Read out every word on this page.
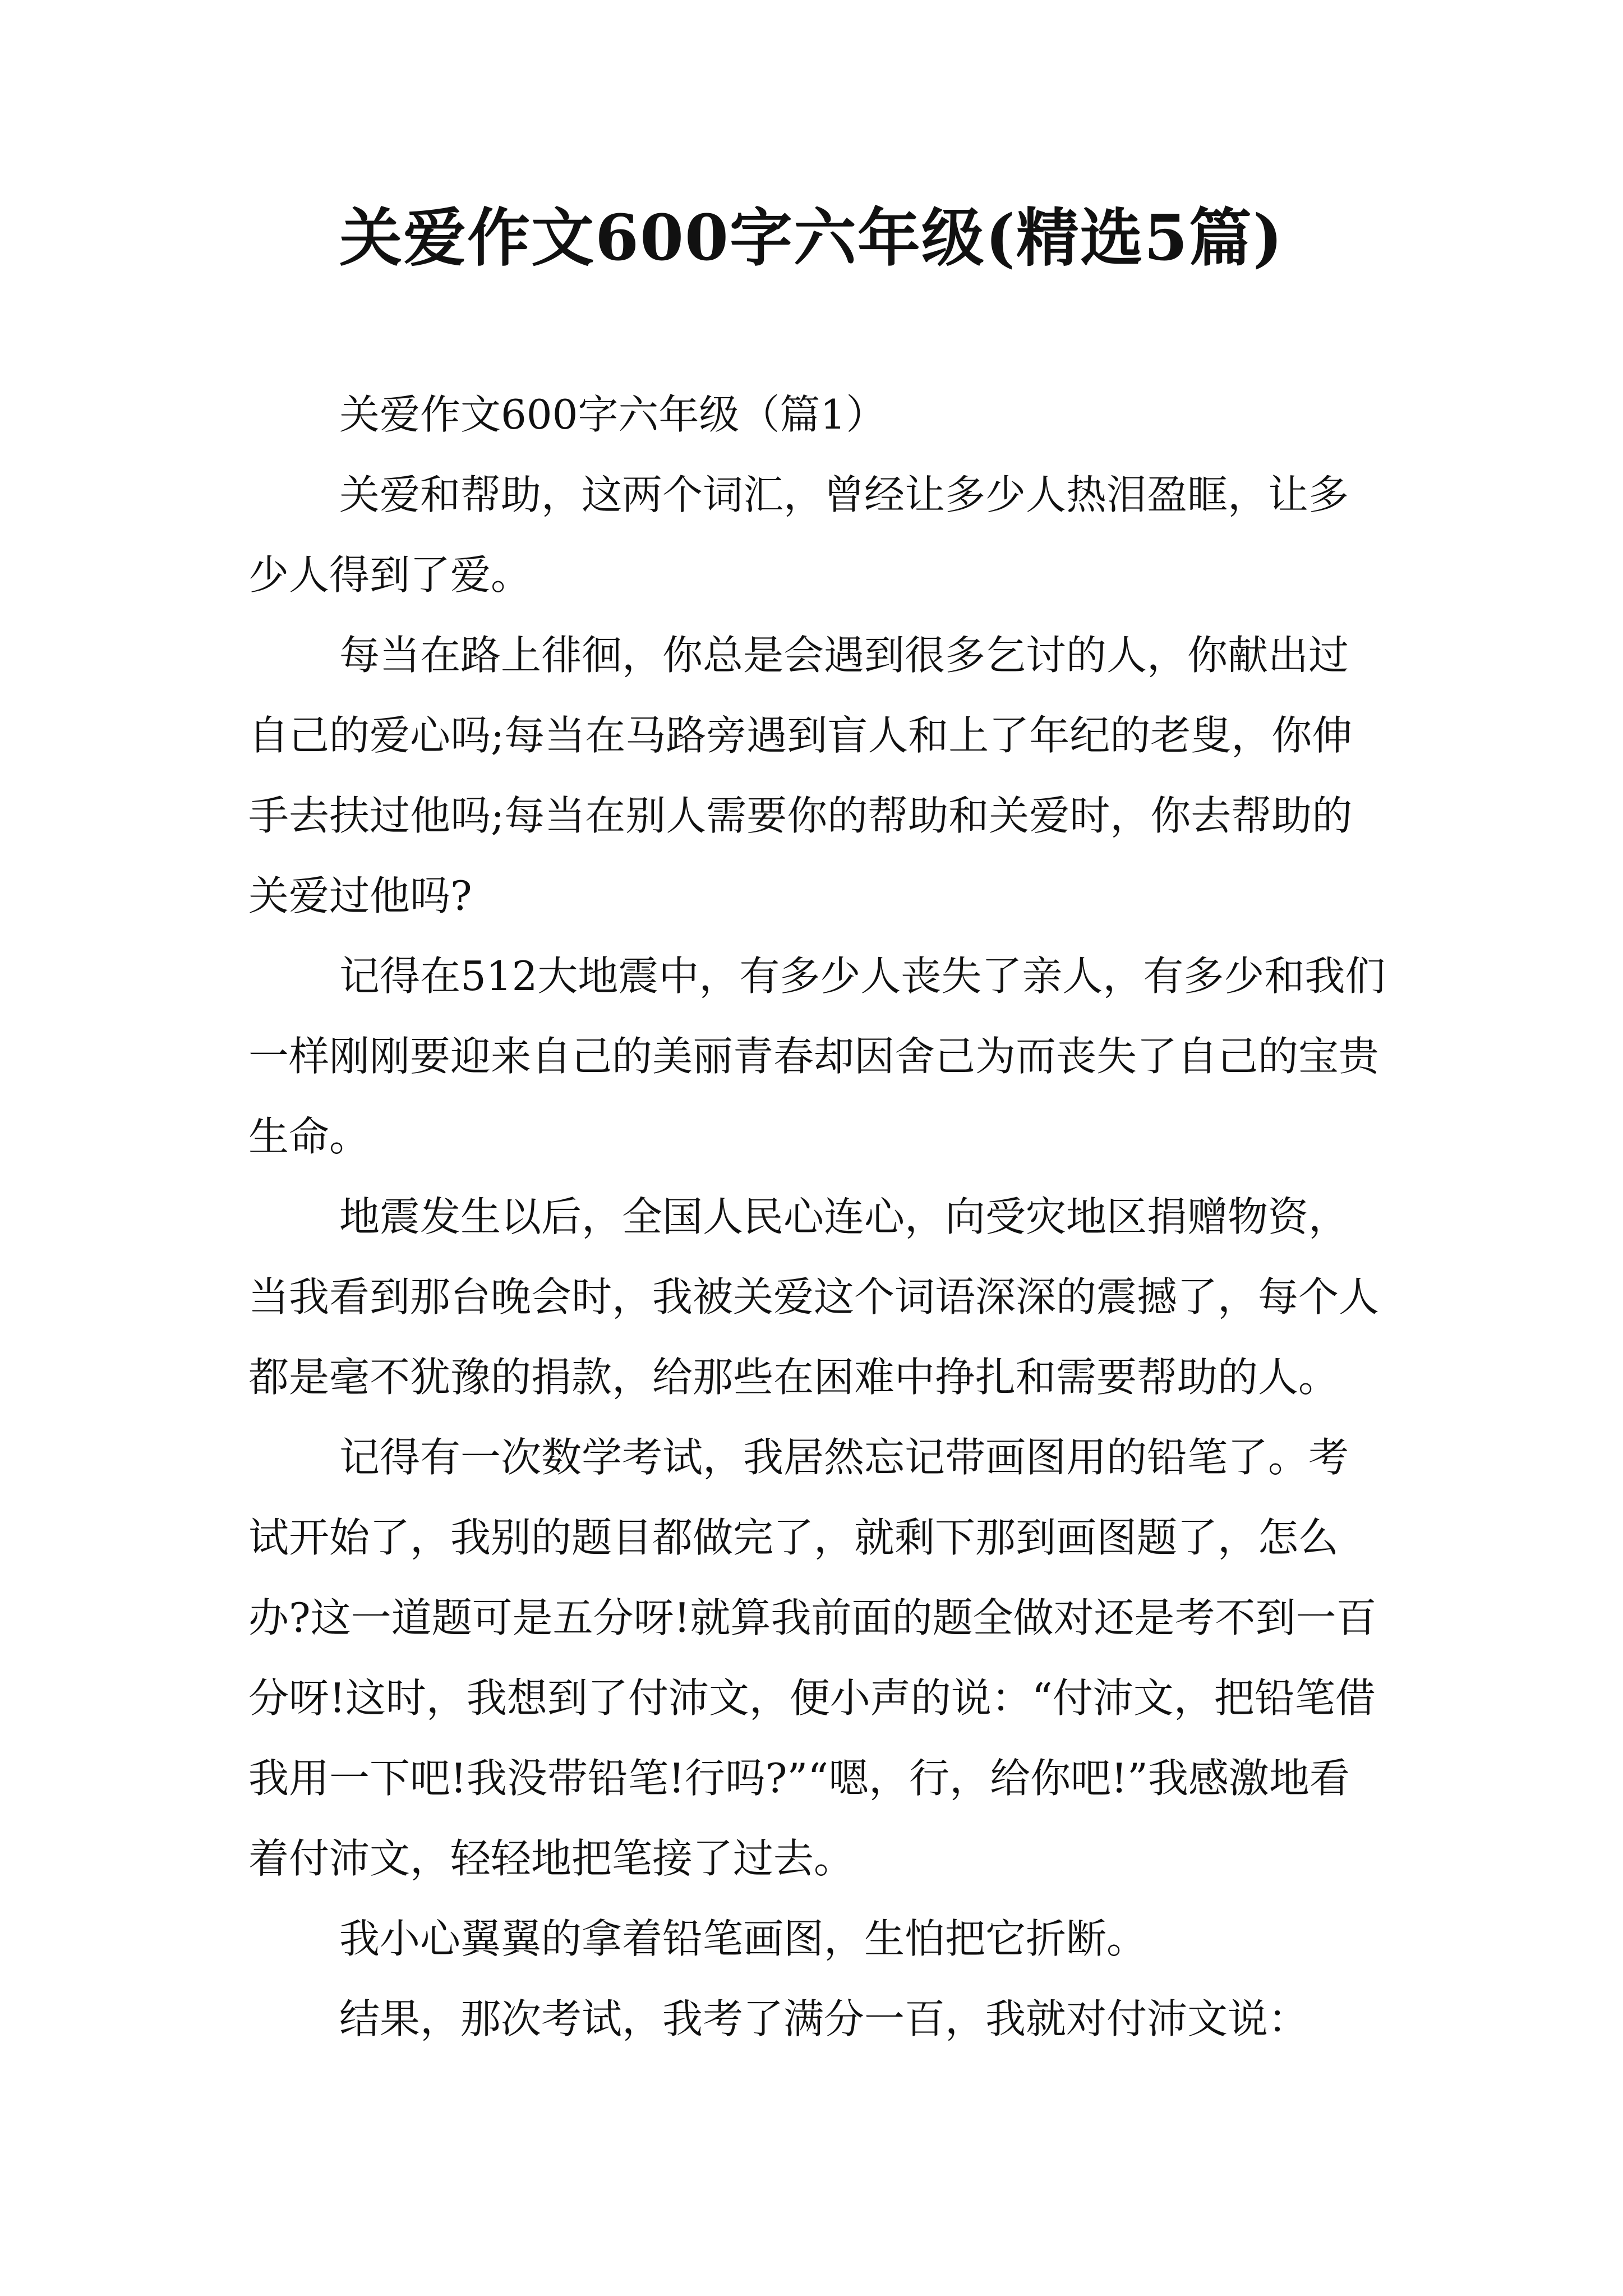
关爱作文600字六年级(精选5篇)

关爱作文600字六年级（篇1）

关爱和帮助，这两个词汇，曾经让多少人热泪盈眶，让多少人得到了爱。

每当在路上徘徊，你总是会遇到很多乞讨的人，你献出过自己的爱心吗;每当在马路旁遇到盲人和上了年纪的老叟，你伸手去扶过他吗;每当在别人需要你的帮助和关爱时，你去帮助的关爱过他吗?

记得在512大地震中，有多少人丧失了亲人，有多少和我们一样刚刚要迎来自己的美丽青春却因舍己为而丧失了自己的宝贵生命。

地震发生以后，全国人民心连心，向受灾地区捐赠物资，当我看到那台晚会时，我被关爱这个词语深深的震撼了，每个人都是毫不犹豫的捐款，给那些在困难中挣扎和需要帮助的人。

记得有一次数学考试，我居然忘记带画图用的铅笔了。考试开始了，我别的题目都做完了，就剩下那到画图题了，怎么办?这一道题可是五分呀!就算我前面的题全做对还是考不到一百分呀!这时，我想到了付沛文，便小声的说：“付沛文，把铅笔借我用一下吧!我没带铅笔!行吗?”“嗯，行，给你吧!”我感激地看着付沛文，轻轻地把笔接了过去。

我小心翼翼的拿着铅笔画图，生怕把它折断。

结果，那次考试，我考了满分一百，我就对付沛文说：
